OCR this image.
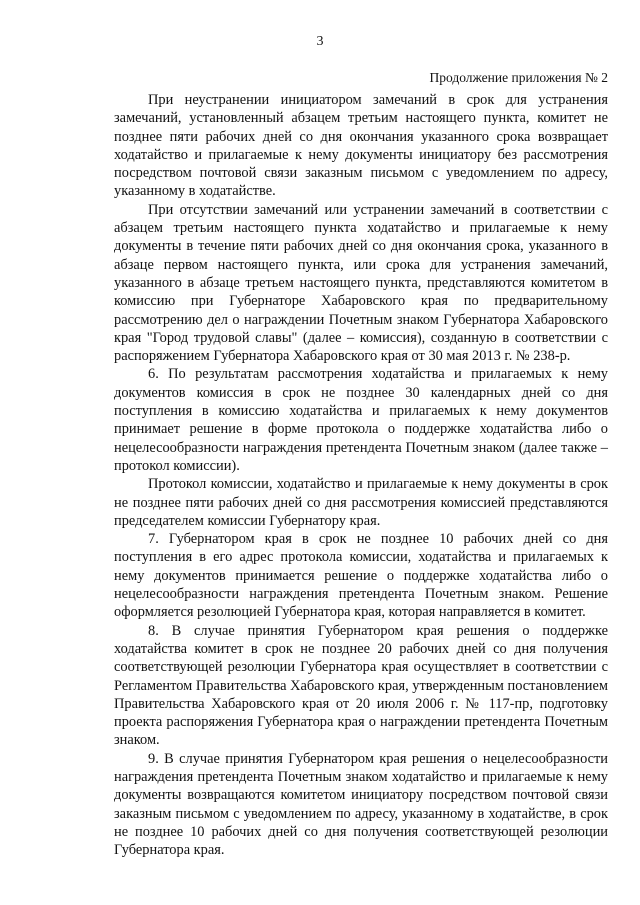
3
Продолжение приложения № 2

При неустранении инициатором замечаний в срок для устранения замечаний, установленный абзацем третьим настоящего пункта, комитет не позднее пяти рабочих дней со дня окончания указанного срока возвращает ходатайство и прилагаемые к нему документы инициатору без рассмотрения посредством почтовой связи заказным письмом с уведомлением по адресу, указанному в ходатайстве.

При отсутствии замечаний или устранении замечаний в соответствии с абзацем третьим настоящего пункта ходатайство и прилагаемые к нему документы в течение пяти рабочих дней со дня окончания срока, указанного в абзаце первом настоящего пункта, или срока для устранения замечаний, указанного в абзаце третьем настоящего пункта, представляются комитетом в комиссию при Губернаторе Хабаровского края по предварительному рассмотрению дел о награждении Почетным знаком Губернатора Хабаровского края "Город трудовой славы" (далее – комиссия), созданную в соответствии с распоряжением Губернатора Хабаровского края от 30 мая 2013 г. № 238-р.

6. По результатам рассмотрения ходатайства и прилагаемых к нему документов комиссия в срок не позднее 30 календарных дней со дня поступления в комиссию ходатайства и прилагаемых к нему документов принимает решение в форме протокола о поддержке ходатайства либо о нецелесообразности награждения претендента Почетным знаком (далее также – протокол комиссии).

Протокол комиссии, ходатайство и прилагаемые к нему документы в срок не позднее пяти рабочих дней со дня рассмотрения комиссией представляются председателем комиссии Губернатору края.

7. Губернатором края в срок не позднее 10 рабочих дней со дня поступления в его адрес протокола комиссии, ходатайства и прилагаемых к нему документов принимается решение о поддержке ходатайства либо о нецелесообразности награждения претендента Почетным знаком. Решение оформляется резолюцией Губернатора края, которая направляется в комитет.

8. В случае принятия Губернатором края решения о поддержке ходатайства комитет в срок не позднее 20 рабочих дней со дня получения соответствующей резолюции Губернатора края осуществляет в соответствии с Регламентом Правительства Хабаровского края, утвержденным постановлением Правительства Хабаровского края от 20 июля 2006 г. № 117-пр, подготовку проекта распоряжения Губернатора края о награждении претендента Почетным знаком.

9. В случае принятия Губернатором края решения о нецелесообразности награждения претендента Почетным знаком ходатайство и прилагаемые к нему документы возвращаются комитетом инициатору посредством почтовой связи заказным письмом с уведомлением по адресу, указанному в ходатайстве, в срок не позднее 10 рабочих дней со дня получения соответствующей резолюции Губернатора края.
